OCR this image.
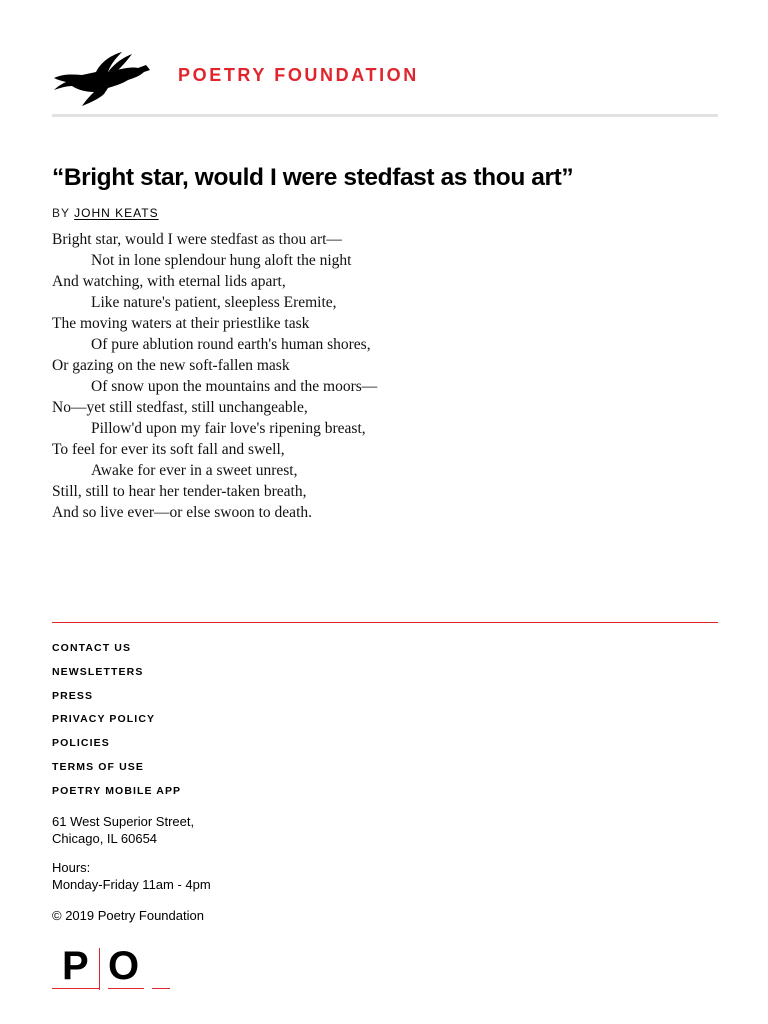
POETRY FOUNDATION
“Bright star, would I were stedfast as thou art”
BY JOHN KEATS
Bright star, would I were stedfast as thou art—
Not in lone splendour hung aloft the night
And watching, with eternal lids apart,
Like nature's patient, sleepless Eremite,
The moving waters at their priestlike task
Of pure ablution round earth's human shores,
Or gazing on the new soft-fallen mask
Of snow upon the mountains and the moors—
No—yet still stedfast, still unchangeable,
Pillow'd upon my fair love's ripening breast,
To feel for ever its soft fall and swell,
Awake for ever in a sweet unrest,
Still, still to hear her tender-taken breath,
And so live ever—or else swoon to death.
CONTACT US
NEWSLETTERS
PRESS
PRIVACY POLICY
POLICIES
TERMS OF USE
POETRY MOBILE APP
61 West Superior Street,
Chicago, IL 60654
Hours:
Monday-Friday 11am - 4pm
© 2019 Poetry Foundation
P O
